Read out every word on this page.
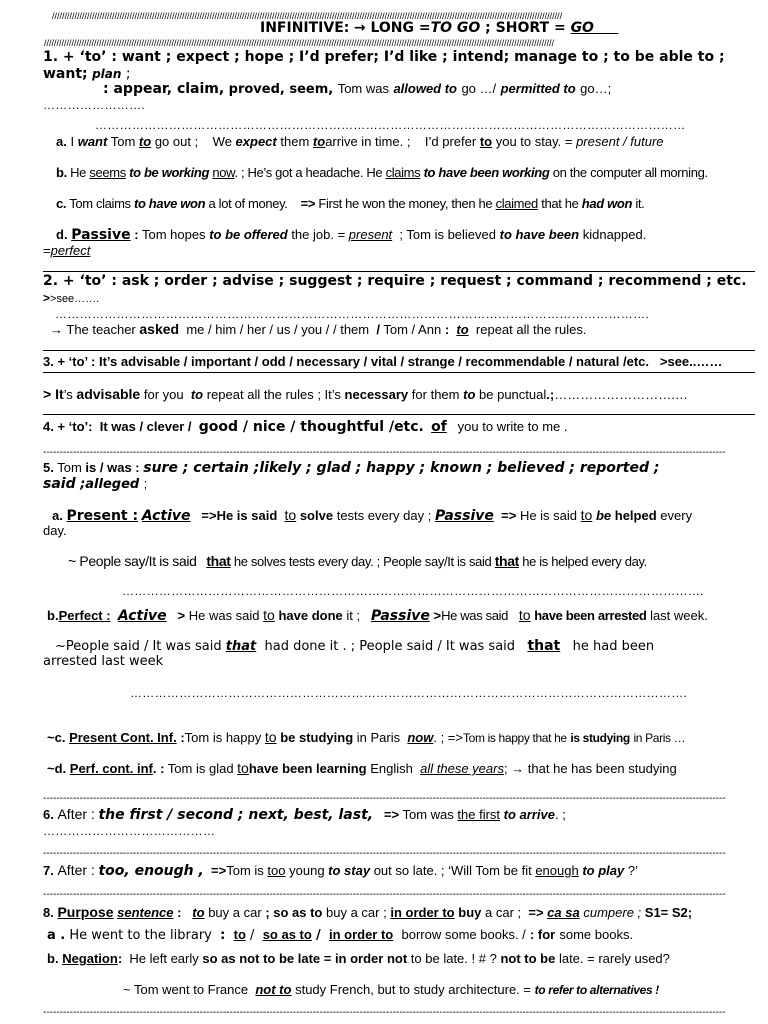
////////////////////////////////////////////////////////////////////////////////////////////////////////////////////////////////////////////////////////////////////////////////////////////////////////////
INFINITIVE: → LONG =TO GO ; SHORT = GO
////////////////////////////////////////////////////////////////////////////////////////////////////////////////////////////////////////////////////////////////////////////////////////////////////////////
1. + ‘to’ : want ; expect ; hope ; I’d prefer; I’d like ; intend; manage to ; to be able to ;
want; plan ;
: appear, claim, proved, seem, Tom was allowed to go …/ permitted to go…;
…………………….
………………………………………………………………………………………………………………………………
a. I want Tom to go out ; We expect them toarrive in time. ; I’d prefer to you to stay. = present / future
b. He seems to be working now. ; He’s got a headache. He claims to have been working on the computer all morning.
c. Tom claims to have won a lot of money. => First he won the money, then he claimed that he had won it.
d. Passive : Tom hopes to be offered the job. = present ; Tom is believed to have been kidnapped.
=perfect
2. + ‘to’ : ask ; order ; advise ; suggest ; require ; request ; command ; recommend ; etc.
>>see…….
……………………………………………………………………………………………………………………………….
→ The teacher asked me / him / her / us / you / / them / Tom / Ann : to repeat all the rules.
3. + ‘to’ : It’s advisable / important / odd / necessary / vital / strange / recommendable / natural /etc. >see..……
> It’s advisable for you to repeat all the rules ; It’s necessary for them to be punctual.;……………………….…
4. + ‘to’: It was / clever / good / nice / thoughtful /etc. of you to write to me .
-------------------------------------------------------------------------------------------------------------------------------------------------------------------------------------------------------------
5. Tom is / was : sure ; certain ;likely ; glad ; happy ; known ; believed ; reported ;
said ;alleged ;
a. Present : Active =>He is said to solve tests every day ; Passive => He is said to be helped every
day.
~ People say/It is said that he solves tests every day. ; People say/It is said that he is helped every day.
…………………………………………………………………………………………………………………………….
b.Perfect : Active > He was said to have done it ; Passive >He was said to have been arrested last week.
~People said / It was said that had done it . ; People said / It was said that he had been
arrested last week
……………………………………………………………………………………………………………………….
~c. Present Cont. Inf. :Tom is happy to be studying in Paris now. ; =>Tom is happy that he is studying in Paris …
~d. Perf. cont. inf. : Tom is glad tohave been learning English all these years; → that he has been studying
-------------------------------------------------------------------------------------------------------------------------------------------------------------------------------------------------------------
6. After : the first / second ; next, best, last, => Tom was the first to arrive. ;
……………………………………
-------------------------------------------------------------------------------------------------------------------------------------------------------------------------------------------------------------
7. After : too, enough , =>Tom is too young to stay out so late. ; ‘Will Tom be fit enough to play ?’
-------------------------------------------------------------------------------------------------------------------------------------------------------------------------------------------------------------
8. Purpose sentence : to buy a car ; so as to buy a car ; in order to buy a car ; => ca sa cumpere ; S1= S2;
a . He went to the library : to / so as to / in order to borrow some books. / : for some books.
b. Negation: He left early so as not to be late = in order not to be late. ! # ? not to be late. = rarely used?
~ Tom went to France not to study French, but to study architecture. = to refer to alternatives !
-------------------------------------------------------------------------------------------------------------------------------------------------------------------------------------------------------------
